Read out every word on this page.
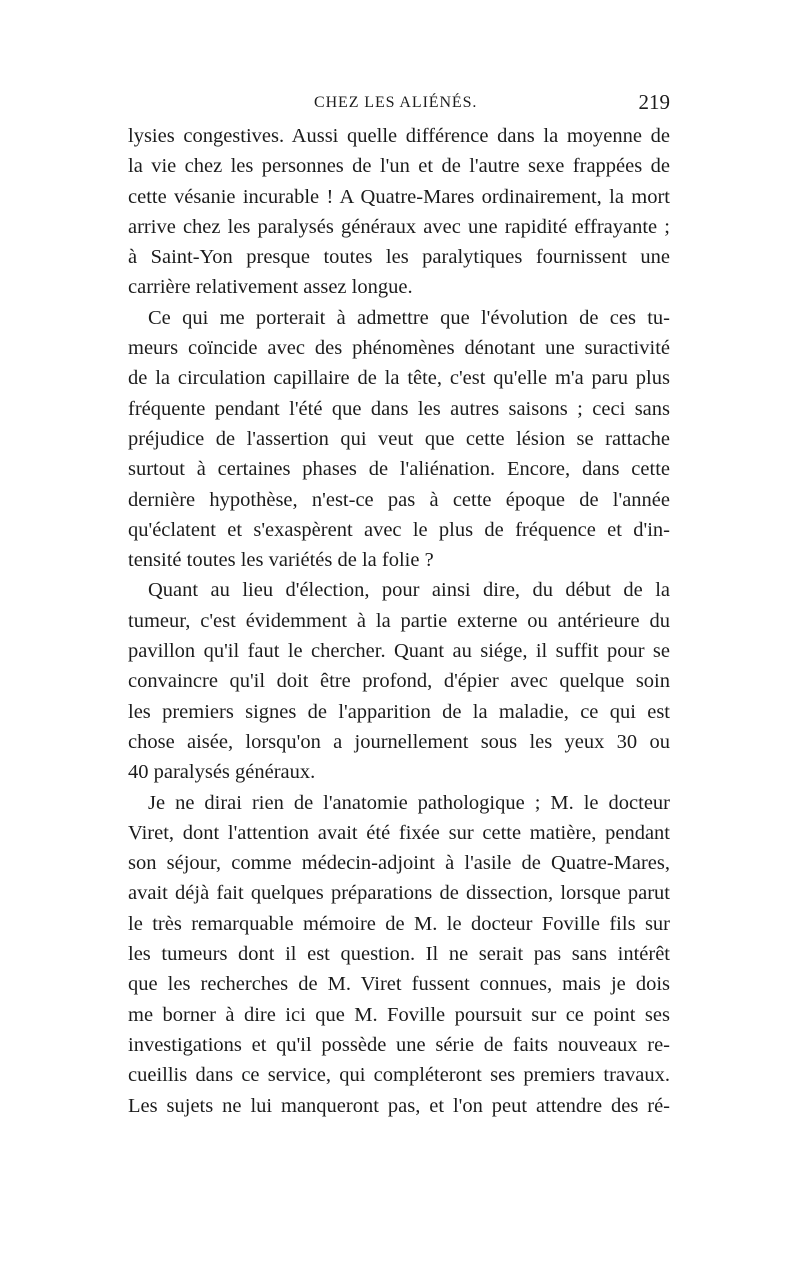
CHEZ LES ALIÉNÉS.	219
lysies congestives. Aussi quelle différence dans la moyenne de
la vie chez les personnes de l'un et de l'autre sexe frappées de
cette vésanie incurable ! A Quatre-Mares ordinairement, la mort
arrive chez les paralysés généraux avec une rapidité effrayante ;
à Saint-Yon presque toutes les paralytiques fournissent une
carrière relativement assez longue.
Ce qui me porterait à admettre que l'évolution de ces tu-
meurs coïncide avec des phénomènes dénotant une suractivité
de la circulation capillaire de la tête, c'est qu'elle m'a paru plus
fréquente pendant l'été que dans les autres saisons ; ceci sans
préjudice de l'assertion qui veut que cette lésion se rattache
surtout à certaines phases de l'aliénation. Encore, dans cette
dernière hypothèse, n'est-ce pas à cette époque de l'année
qu'éclatent et s'exaspèrent avec le plus de fréquence et d'in-
tensité toutes les variétés de la folie ?
Quant au lieu d'élection, pour ainsi dire, du début de la
tumeur, c'est évidemment à la partie externe ou antérieure du
pavillon qu'il faut le chercher. Quant au siége, il suffit pour se
convaincre qu'il doit être profond, d'épier avec quelque soin
les premiers signes de l'apparition de la maladie, ce qui est
chose aisée, lorsqu'on a journellement sous les yeux 30 ou
40 paralysés généraux.
Je ne dirai rien de l'anatomie pathologique ; M. le docteur
Viret, dont l'attention avait été fixée sur cette matière, pendant
son séjour, comme médecin-adjoint à l'asile de Quatre-Mares,
avait déjà fait quelques préparations de dissection, lorsque parut
le très remarquable mémoire de M. le docteur Foville fils sur
les tumeurs dont il est question. Il ne serait pas sans intérêt
que les recherches de M. Viret fussent connues, mais je dois
me borner à dire ici que M. Foville poursuit sur ce point ses
investigations et qu'il possède une série de faits nouveaux re-
cueillis dans ce service, qui compléteront ses premiers travaux.
Les sujets ne lui manqueront pas, et l'on peut attendre des ré-
